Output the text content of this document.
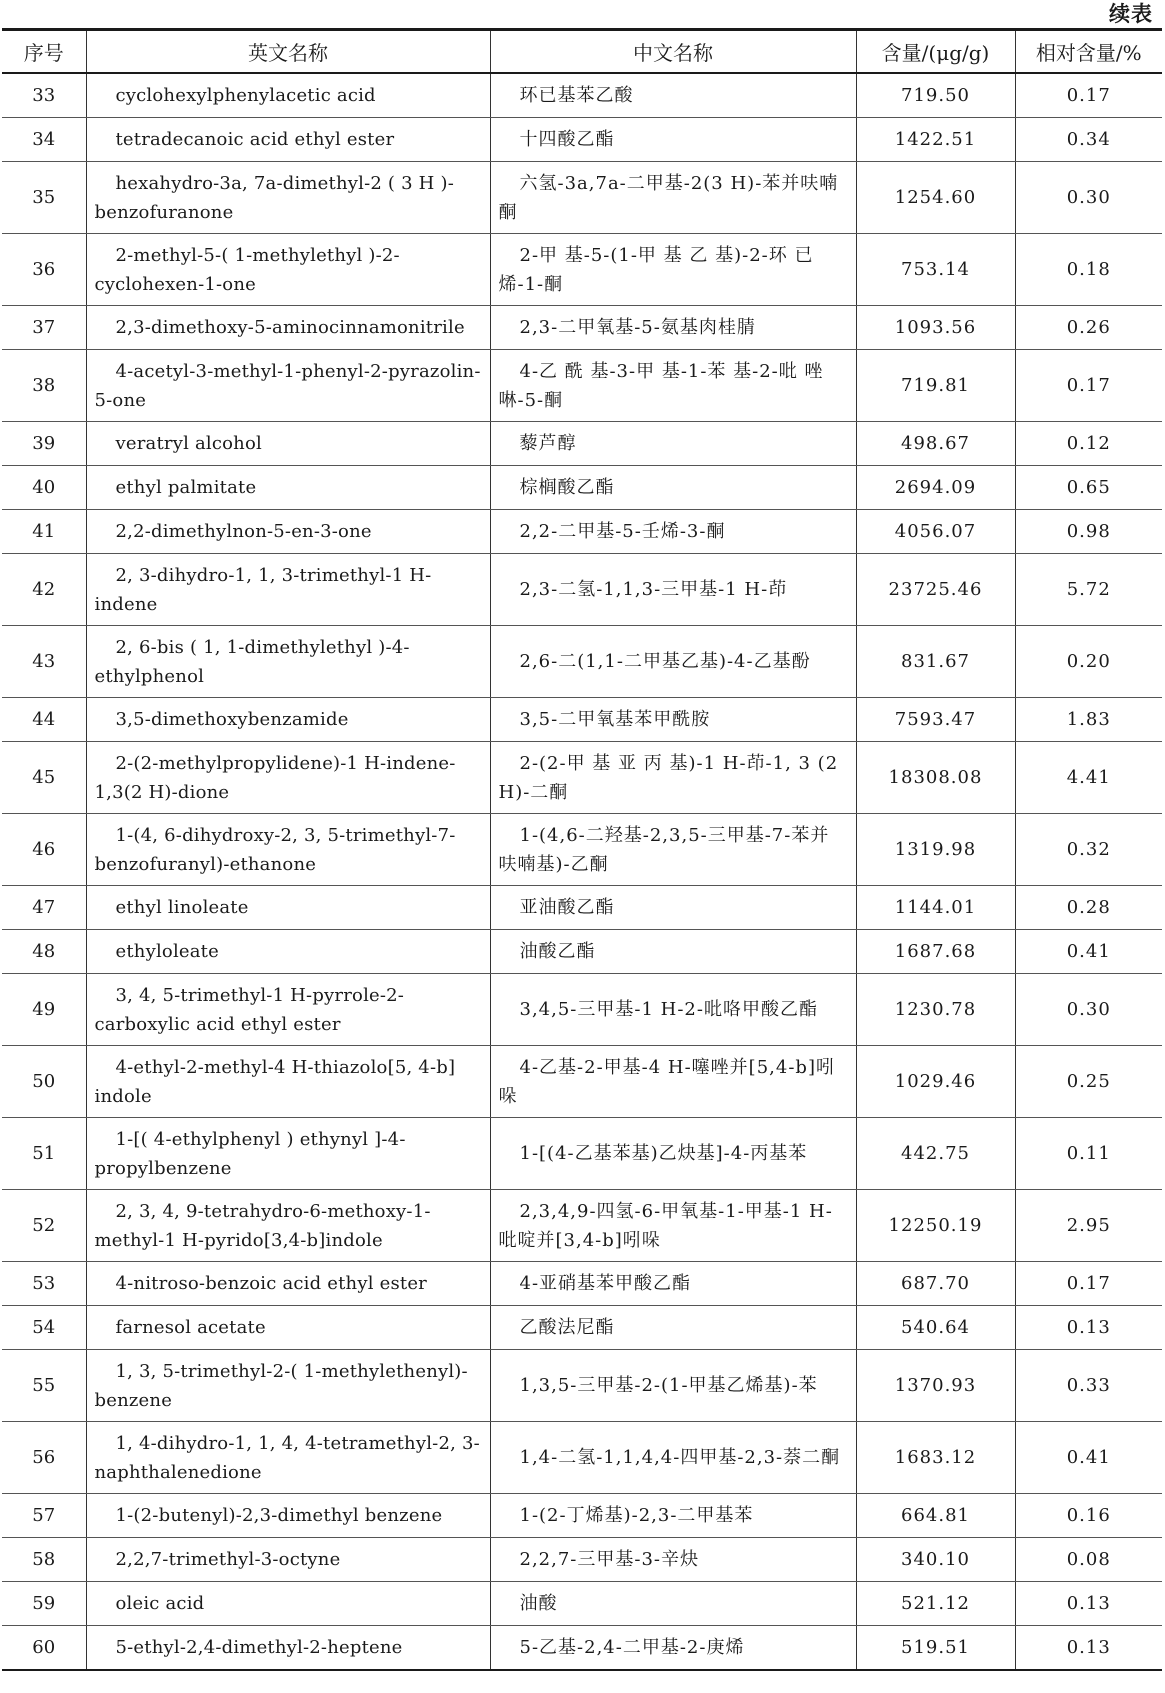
续表
序号	英文名称	中文名称	含量/(μg/g)	相对含量/%
33	cyclohexylphenylacetic acid	环已基苯乙酸	719.50	0.17
34	tetradecanoic acid ethyl ester	十四酸乙酯	1422.51	0.34
35	hexahydro-3a, 7a-dimethyl-2 ( 3 H )-benzofuranone	六氢-3a,7a-二甲基-2(3 H)-苯并呋喃酮	1254.60	0.30
36	2-methyl-5-( 1-methylethyl )-2-cyclohexen-1-one	2-甲 基-5-(1-甲 基 乙 基)-2-环 已烯-1-酮	753.14	0.18
37	2,3-dimethoxy-5-aminocinnamonitrile	2,3-二甲氧基-5-氨基肉桂腈	1093.56	0.26
38	4-acetyl-3-methyl-1-phenyl-2-pyrazolin-5-one	4-乙 酰 基-3-甲 基-1-苯 基-2-吡 唑啉-5-酮	719.81	0.17
39	veratryl alcohol	藜芦醇	498.67	0.12
40	ethyl palmitate	棕榈酸乙酯	2694.09	0.65
41	2,2-dimethylnon-5-en-3-one	2,2-二甲基-5-壬烯-3-酮	4056.07	0.98
42	2, 3-dihydro-1, 1, 3-trimethyl-1 H-indene	2,3-二氢-1,1,3-三甲基-1 H-茚	23725.46	5.72
43	2, 6-bis ( 1, 1-dimethylethyl )-4-ethylphenol	2,6-二(1,1-二甲基乙基)-4-乙基酚	831.67	0.20
44	3,5-dimethoxybenzamide	3,5-二甲氧基苯甲酰胺	7593.47	1.83
45	2-(2-methylpropylidene)-1 H-indene-1,3(2 H)-dione	2-(2-甲 基 亚 丙 基)-1 H-茚-1, 3 (2 H)-二酮	18308.08	4.41
46	1-(4, 6-dihydroxy-2, 3, 5-trimethyl-7-benzofuranyl)-ethanone	1-(4,6-二羟基-2,3,5-三甲基-7-苯并呋喃基)-乙酮	1319.98	0.32
47	ethyl linoleate	亚油酸乙酯	1144.01	0.28
48	ethyloleate	油酸乙酯	1687.68	0.41
49	3, 4, 5-trimethyl-1 H-pyrrole-2-carboxylic acid ethyl ester	3,4,5-三甲基-1 H-2-吡咯甲酸乙酯	1230.78	0.30
50	4-ethyl-2-methyl-4 H-thiazolo[5, 4-b] indole	4-乙基-2-甲基-4 H-噻唑并[5,4-b]吲哚	1029.46	0.25
51	1-[( 4-ethylphenyl ) ethynyl ]-4-propylbenzene	1-[(4-乙基苯基)乙炔基]-4-丙基苯	442.75	0.11
52	2, 3, 4, 9-tetrahydro-6-methoxy-1-methyl-1 H-pyrido[3,4-b]indole	2,3,4,9-四氢-6-甲氧基-1-甲基-1 H-吡啶并[3,4-b]吲哚	12250.19	2.95
53	4-nitroso-benzoic acid ethyl ester	4-亚硝基苯甲酸乙酯	687.70	0.17
54	farnesol acetate	乙酸法尼酯	540.64	0.13
55	1, 3, 5-trimethyl-2-( 1-methylethenyl)-benzene	1,3,5-三甲基-2-(1-甲基乙烯基)-苯	1370.93	0.33
56	1, 4-dihydro-1, 1, 4, 4-tetramethyl-2, 3-naphthalenedione	1,4-二氢-1,1,4,4-四甲基-2,3-萘二酮	1683.12	0.41
57	1-(2-butenyl)-2,3-dimethyl benzene	1-(2-丁烯基)-2,3-二甲基苯	664.81	0.16
58	2,2,7-trimethyl-3-octyne	2,2,7-三甲基-3-辛炔	340.10	0.08
59	oleic acid	油酸	521.12	0.13
60	5-ethyl-2,4-dimethyl-2-heptene	5-乙基-2,4-二甲基-2-庚烯	519.51	0.13
